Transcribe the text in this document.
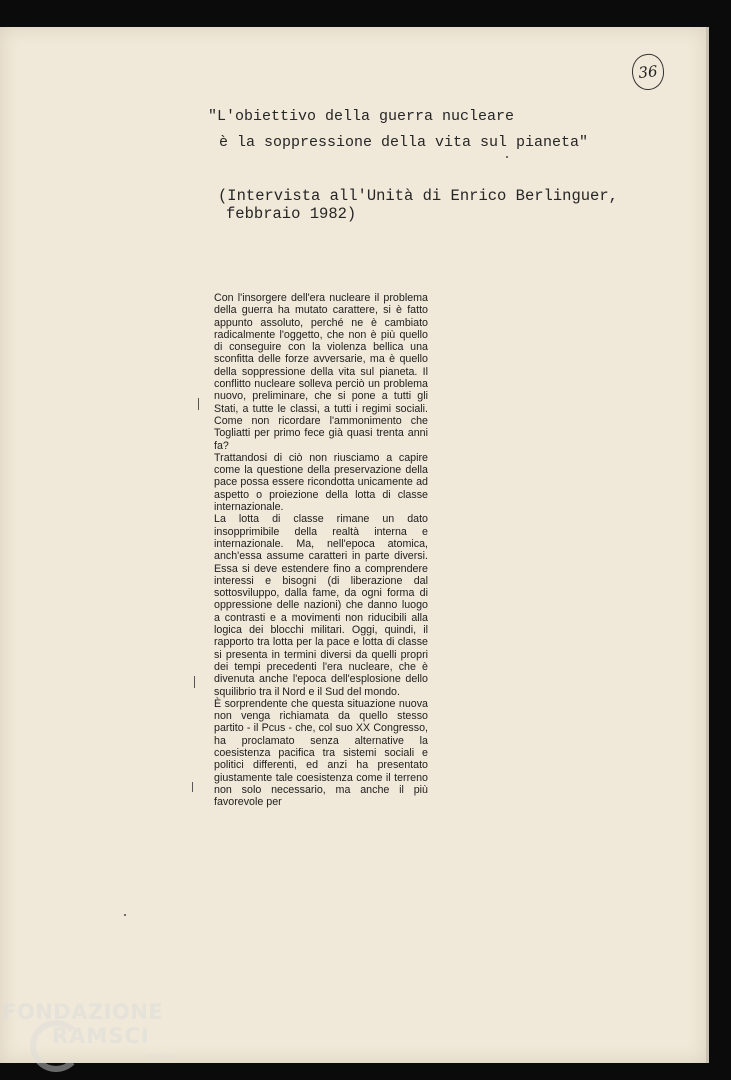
36
"L'obiettivo della guerra nucleare
è la soppressione della vita sul pianeta"
(Intervista all'Unità di Enrico Berlinguer,
febbraio 1982)

Con l'insorgere dell'era nucleare il problema della guerra ha mutato carattere, si è fatto appunto assoluto, perché ne è cambiato radicalmente l'oggetto, che non è più quello di conseguire con la violenza bellica una sconfitta delle forze avversarie, ma è quello della soppressione della vita sul pianeta. Il conflitto nucleare solleva perciò un problema nuovo, preliminare, che si pone a tutti gli Stati, a tutte le classi, a tutti i regimi sociali. Come non ricordare l'ammonimento che Togliatti per primo fece già quasi trenta anni fa?

Trattandosi di ciò non riusciamo a capire come la questione della preservazione della pace possa essere ricondotta unicamente ad aspetto o proiezione della lotta di classe internazionale.

La lotta di classe rimane un dato insopprimibile della realtà interna e internazionale. Ma, nell'epoca atomica, anch'essa assume caratteri in parte diversi. Essa si deve estendere fino a comprendere interessi e bisogni (di liberazione dal sottosviluppo, dalla fame, da ogni forma di oppressione delle nazioni) che danno luogo a contrasti e a movimenti non riducibili alla logica dei blocchi militari. Oggi, quindi, il rapporto tra lotta per la pace e lotta di classe si presenta in termini diversi da quelli propri dei tempi precedenti l'era nucleare, che è divenuta anche l'epoca dell'esplosione dello squilibrio tra il Nord e il Sud del mondo.

È sorprendente che questa situazione nuova non venga richiamata da quello stesso partito - il Pcus - che, col suo XX Congresso, ha proclamato senza alternative la coesistenza pacifica tra sistemi sociali e politici differenti, ed anzi ha presentato giustamente tale coesistenza come il terreno non solo necessario, ma anche il più favorevole per

FONDAZIONE
RAMSCI
onlus
